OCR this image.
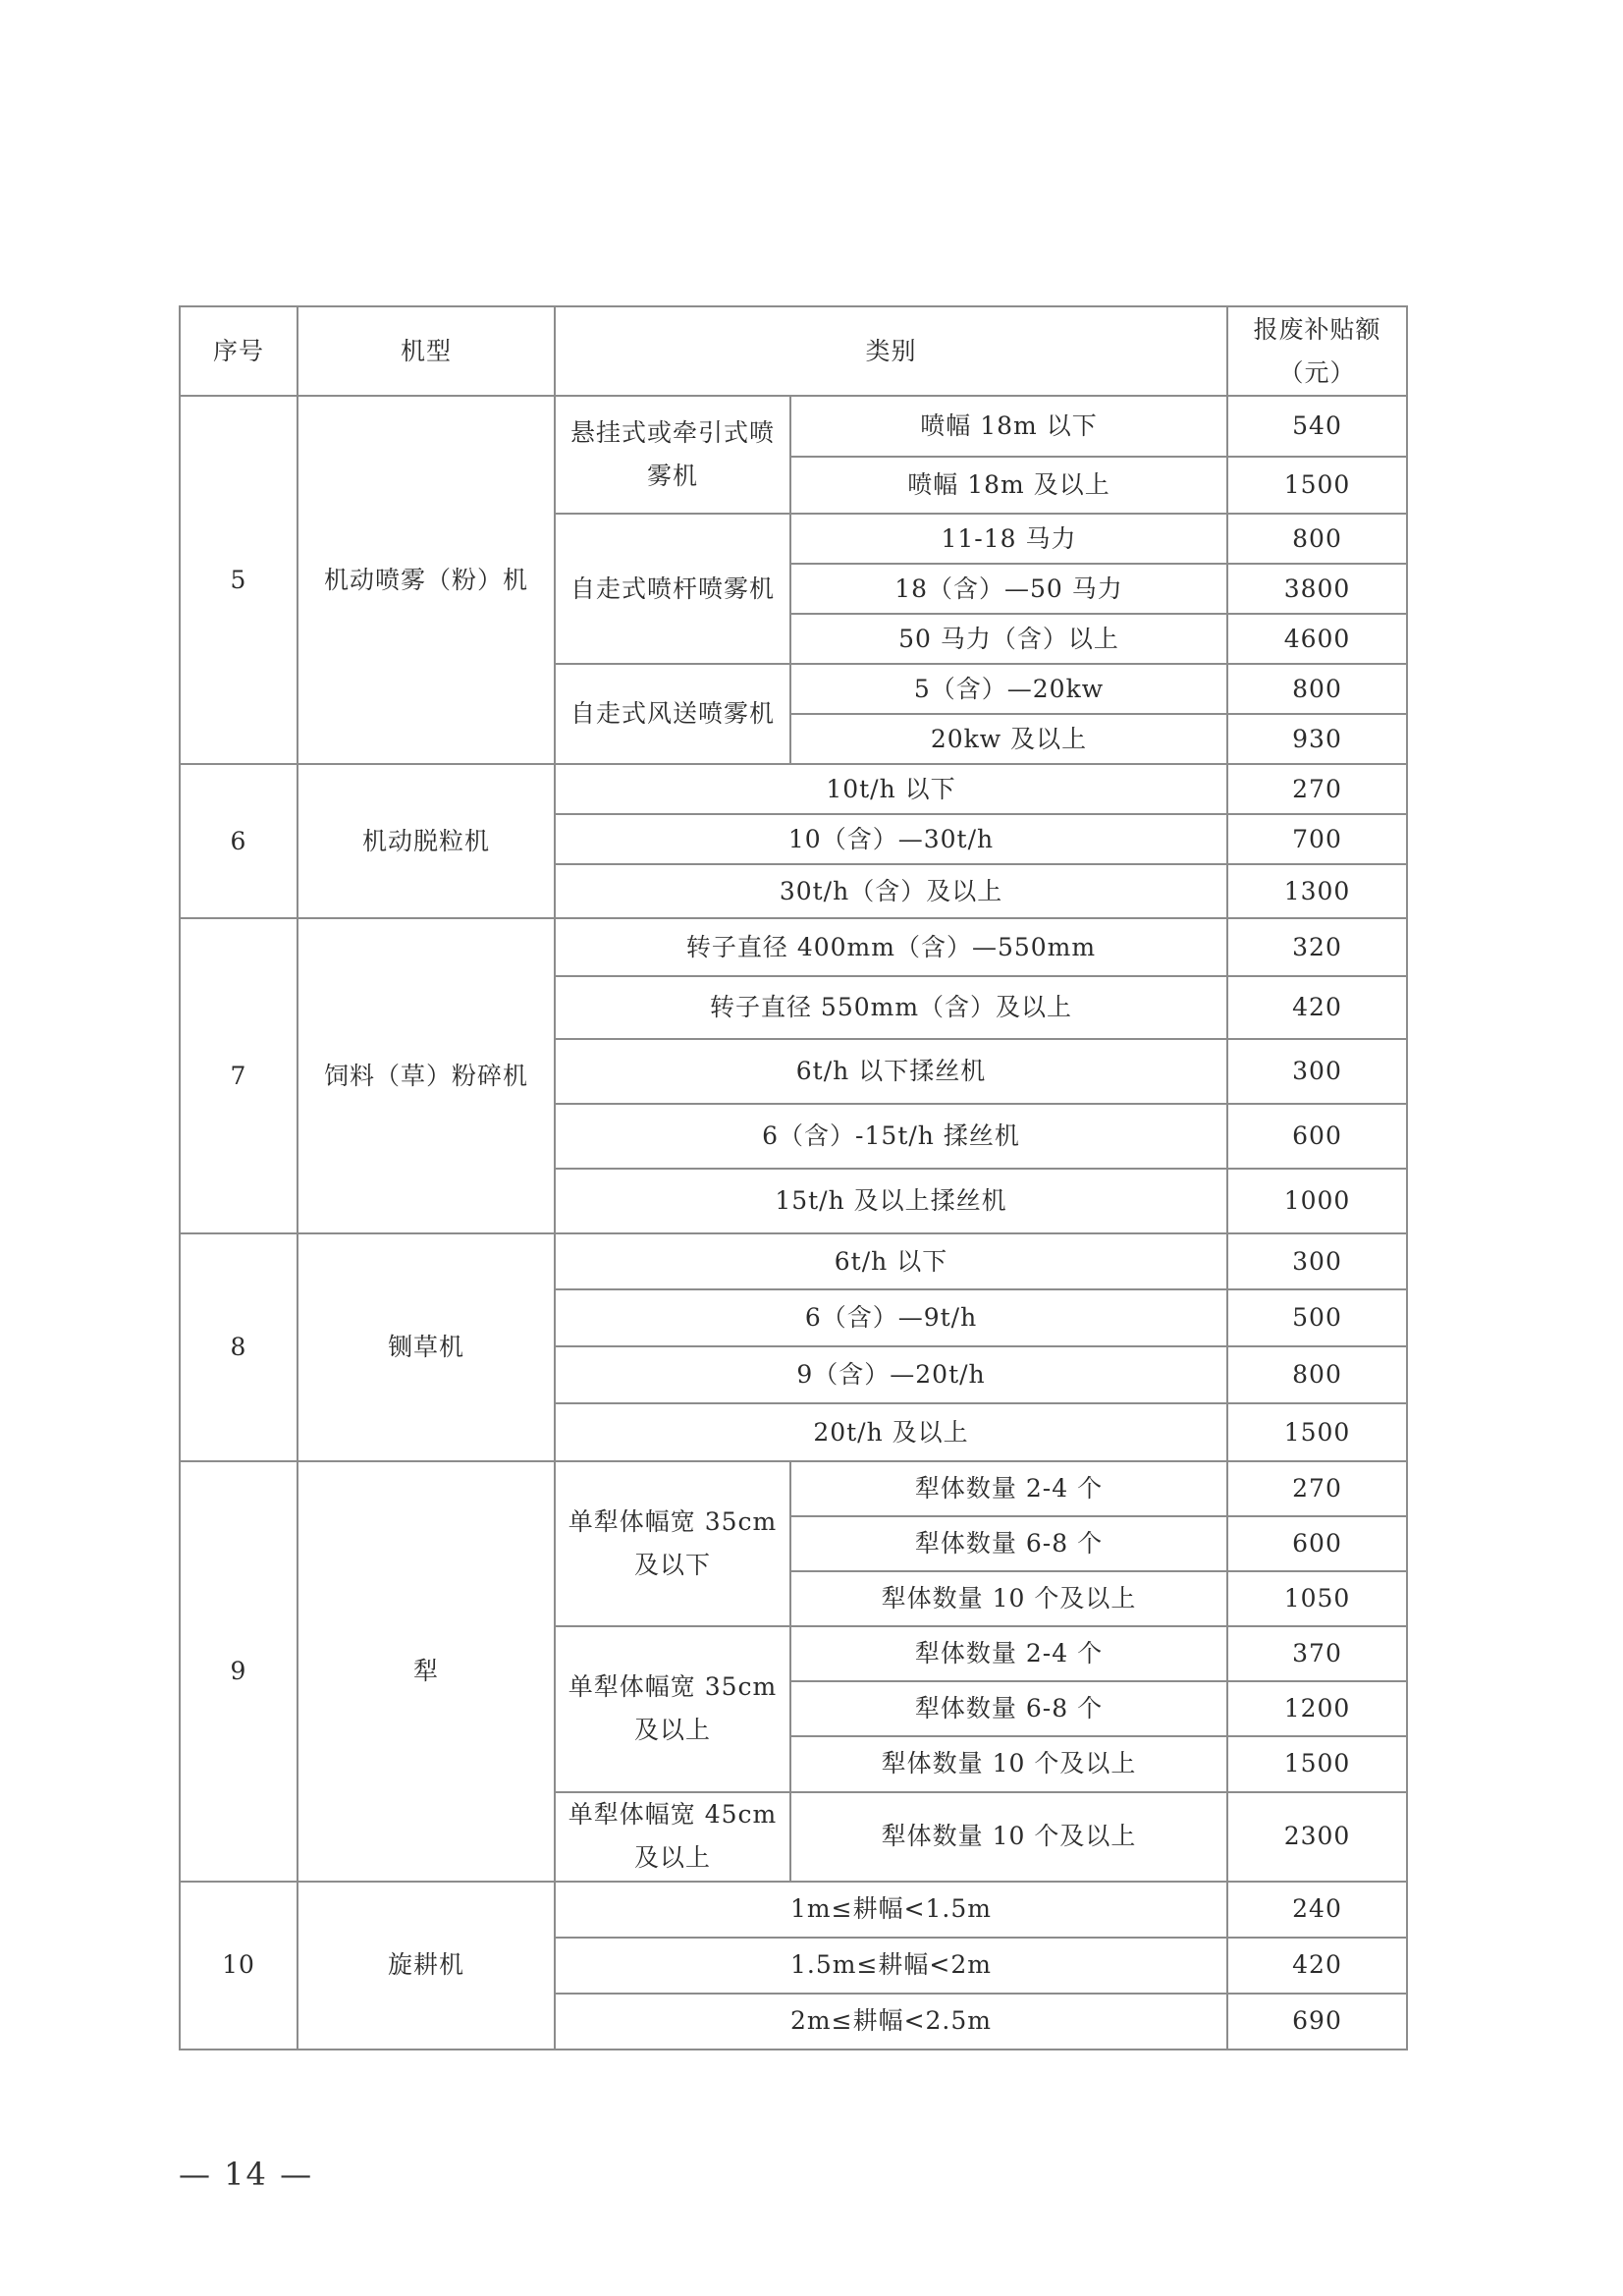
序号	机型	类别		报废补贴额（元）
5	机动喷雾（粉）机	悬挂式或牵引式喷雾机	喷幅 18m 以下	540
			喷幅 18m 及以上	1500
		自走式喷杆喷雾机	11-18 马力	800
			18（含）—50 马力	3800
			50 马力（含）以上	4600
		自走式风送喷雾机	5（含）—20kw	800
			20kw 及以上	930
6	机动脱粒机	10t/h 以下		270
		10（含）—30t/h		700
		30t/h（含）及以上		1300
7	饲料（草）粉碎机	转子直径 400mm（含）—550mm		320
		转子直径 550mm（含）及以上		420
		6t/h 以下揉丝机		300
		6（含）-15t/h 揉丝机		600
		15t/h 及以上揉丝机		1000
8	铡草机	6t/h 以下		300
		6（含）—9t/h		500
		9（含）—20t/h		800
		20t/h 及以上		1500
9	犁	单犁体幅宽 35cm 及以下	犁体数量 2-4 个	270
			犁体数量 6-8 个	600
			犁体数量 10 个及以上	1050
		单犁体幅宽 35cm 及以上	犁体数量 2-4 个	370
			犁体数量 6-8 个	1200
			犁体数量 10 个及以上	1500
		单犁体幅宽 45cm 及以上	犁体数量 10 个及以上	2300
10	旋耕机	1m≤耕幅<1.5m		240
		1.5m≤耕幅<2m		420
		2m≤耕幅<2.5m		690
— 14 —
